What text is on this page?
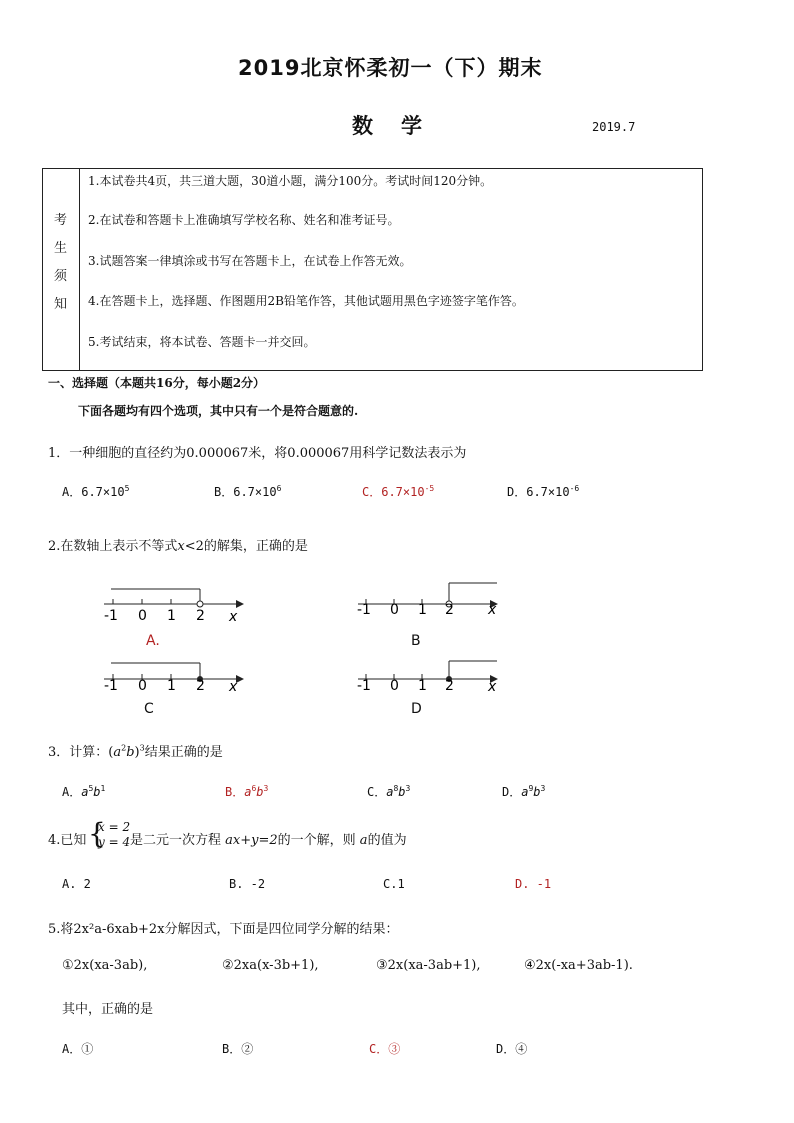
2019北京怀柔初一（下）期末
数学	2019.7
考
生
须
知
1.本试卷共4页，共三道大题，30道小题，满分100分。考试时间120分钟。
2.在试卷和答题卡上准确填写学校名称、姓名和准考证号。
3.试题答案一律填涂或书写在答题卡上，在试卷上作答无效。
4.在答题卡上，选择题、作图题用2B铅笔作答，其他试题用黑色字迹签字笔作答。
5.考试结束，将本试卷、答题卡一并交回。
一、选择题（本题共16分，每小题2分）
下面各题均有四个选项，其中只有一个是符合题意的.
1．一种细胞的直径约为0.000067米，将0.000067用科学记数法表示为
A．$6.7\times 10^5$	B．$6.7\times 10^6$	C．$6.7\times 10^{-5}$	D．$6.7\times 10^{-6}$
2.在数轴上表示不等式x<2的解集，正确的是
-1 0 1 2 x	-1 0 1 2 x
-1 0 1 2 x	-1 0 1 2 x
A.	B
C	D
3．计算：$(a^2b)^3$结果正确的是
A．$a^5b^1$	B．$a^6b^3$	C．$a^8b^3$	D．$a^9b^3$
4.已知 {
x = 2
y = 4 是二元一次方程 ax+y=2的一个解，则 a的值为
A. 2	B. -2	C.1	D. -1
5.将2x²a-6xab+2x分解因式，下面是四位同学分解的结果：
①2x(xa-3ab),	②2xa(x-3b+1),	③2x(xa-3ab+1),	④2x(-xa+3ab-1).
其中，正确的是
A．①	B．②	C．③	D．④
